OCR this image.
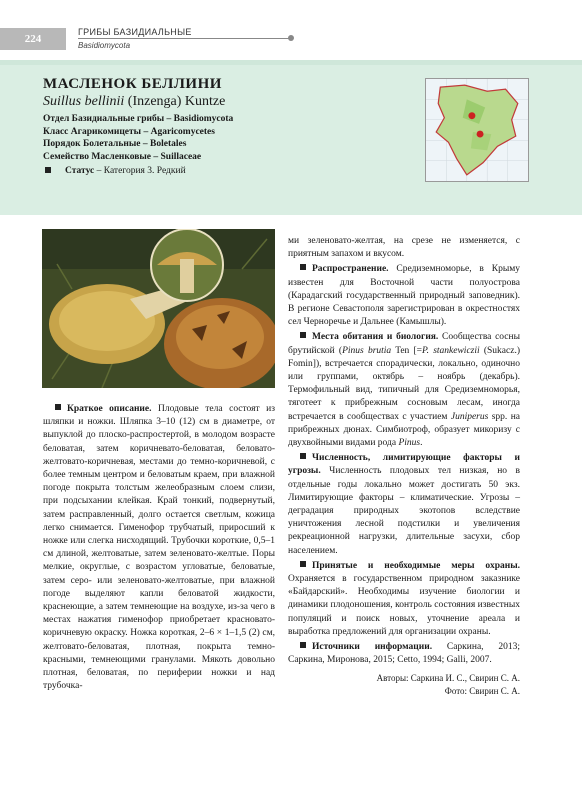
224
ГРИБЫ БАЗИДИАЛЬНЫЕ
Basidiomycota
МАСЛЕНОК БЕЛЛИНИ
Suillus bellinii (Inzenga) Kuntze
Отдел Базидиальные грибы – Basidiomycota
Класс Агарикомицеты – Agaricomycetes
Порядок Болетальные – Boletales
Семейство Масленковые – Suillaceae
Статус – Категория 3. Редкий

Краткое описание. Плодовые тела состоят из шляпки и ножки. Шляпка 3–10 (12) см в диаметре, от выпуклой до плоско-распростертой, в молодом возрасте беловатая, затем коричневато-беловатая, беловато-желтовато-коричневая, местами до темно-коричневой, с более темным центром и беловатым краем, при влажной погоде покрыта толстым желеобразным слоем слизи, при подсыхании клейкая. Край тонкий, подвернутый, затем расправленный, долго остается светлым, кожица легко снимается. Гименофор трубчатый, приросший к ножке или слегка нисходящий. Трубочки короткие, 0,5–1 см длиной, желтоватые, затем зеленовато-желтые. Поры мелкие, округлые, с возрастом угловатые, беловатые, затем серо- или зеленовато-желтоватые, при влажной погоде выделяют капли беловатой жидкости, краснеющие, а затем темнеющие на воздухе, из-за чего в местах нажатия гименофор приобретает красновато-коричневую окраску. Ножка короткая, 2–6 × 1–1,5 (2) см, желтовато-беловатая, плотная, покрыта темно-красными, темнеющими гранулами. Мякоть довольно плотная, беловатая, по периферии ножки и над трубочка-

ми зеленовато-желтая, на срезе не изменяется, с приятным запахом и вкусом.

Распространение. Средиземноморье, в Крыму известен для Восточной части полуострова (Карадагский государственный природный заповедник). В регионе Севастополя зарегистрирован в окрестностях сел Черноречье и Дальнее (Камышлы).

Места обитания и биология. Сообщества сосны брутийской (Pinus brutia Ten [=P. stankewiczii (Sukacz.) Fomin]), встречается спорадически, локально, одиночно или группами, октябрь – ноябрь (декабрь). Термофильный вид, типичный для Средиземноморья, тяготеет к прибрежным сосновым лесам, иногда встречается в сообществах с участием Juniperus spp. на прибрежных дюнах. Симбиотроф, образует микоризу с двухвойными видами рода Pinus.

Численность, лимитирующие факторы и угрозы. Численность плодовых тел низкая, но в отдельные годы локально может достигать 50 экз. Лимитирующие факторы – климатические. Угрозы – деградация природных экотопов вследствие уничтожения лесной подстилки и увеличения рекреационной нагрузки, длительные засухи, сбор населением.

Принятые и необходимые меры охраны. Охраняется в государственном природном заказнике «Байдарский». Необходимы изучение биологии и динамики плодоношения, контроль состояния известных популяций и поиск новых, уточнение ареала и выработка предложений для организации охраны.

Источники информации. Саркина, 2013; Саркина, Миронова, 2015; Cetto, 1994; Galli, 2007.

Авторы: Саркина И. С., Свирин С. А.
Фото: Свирин С. А.
